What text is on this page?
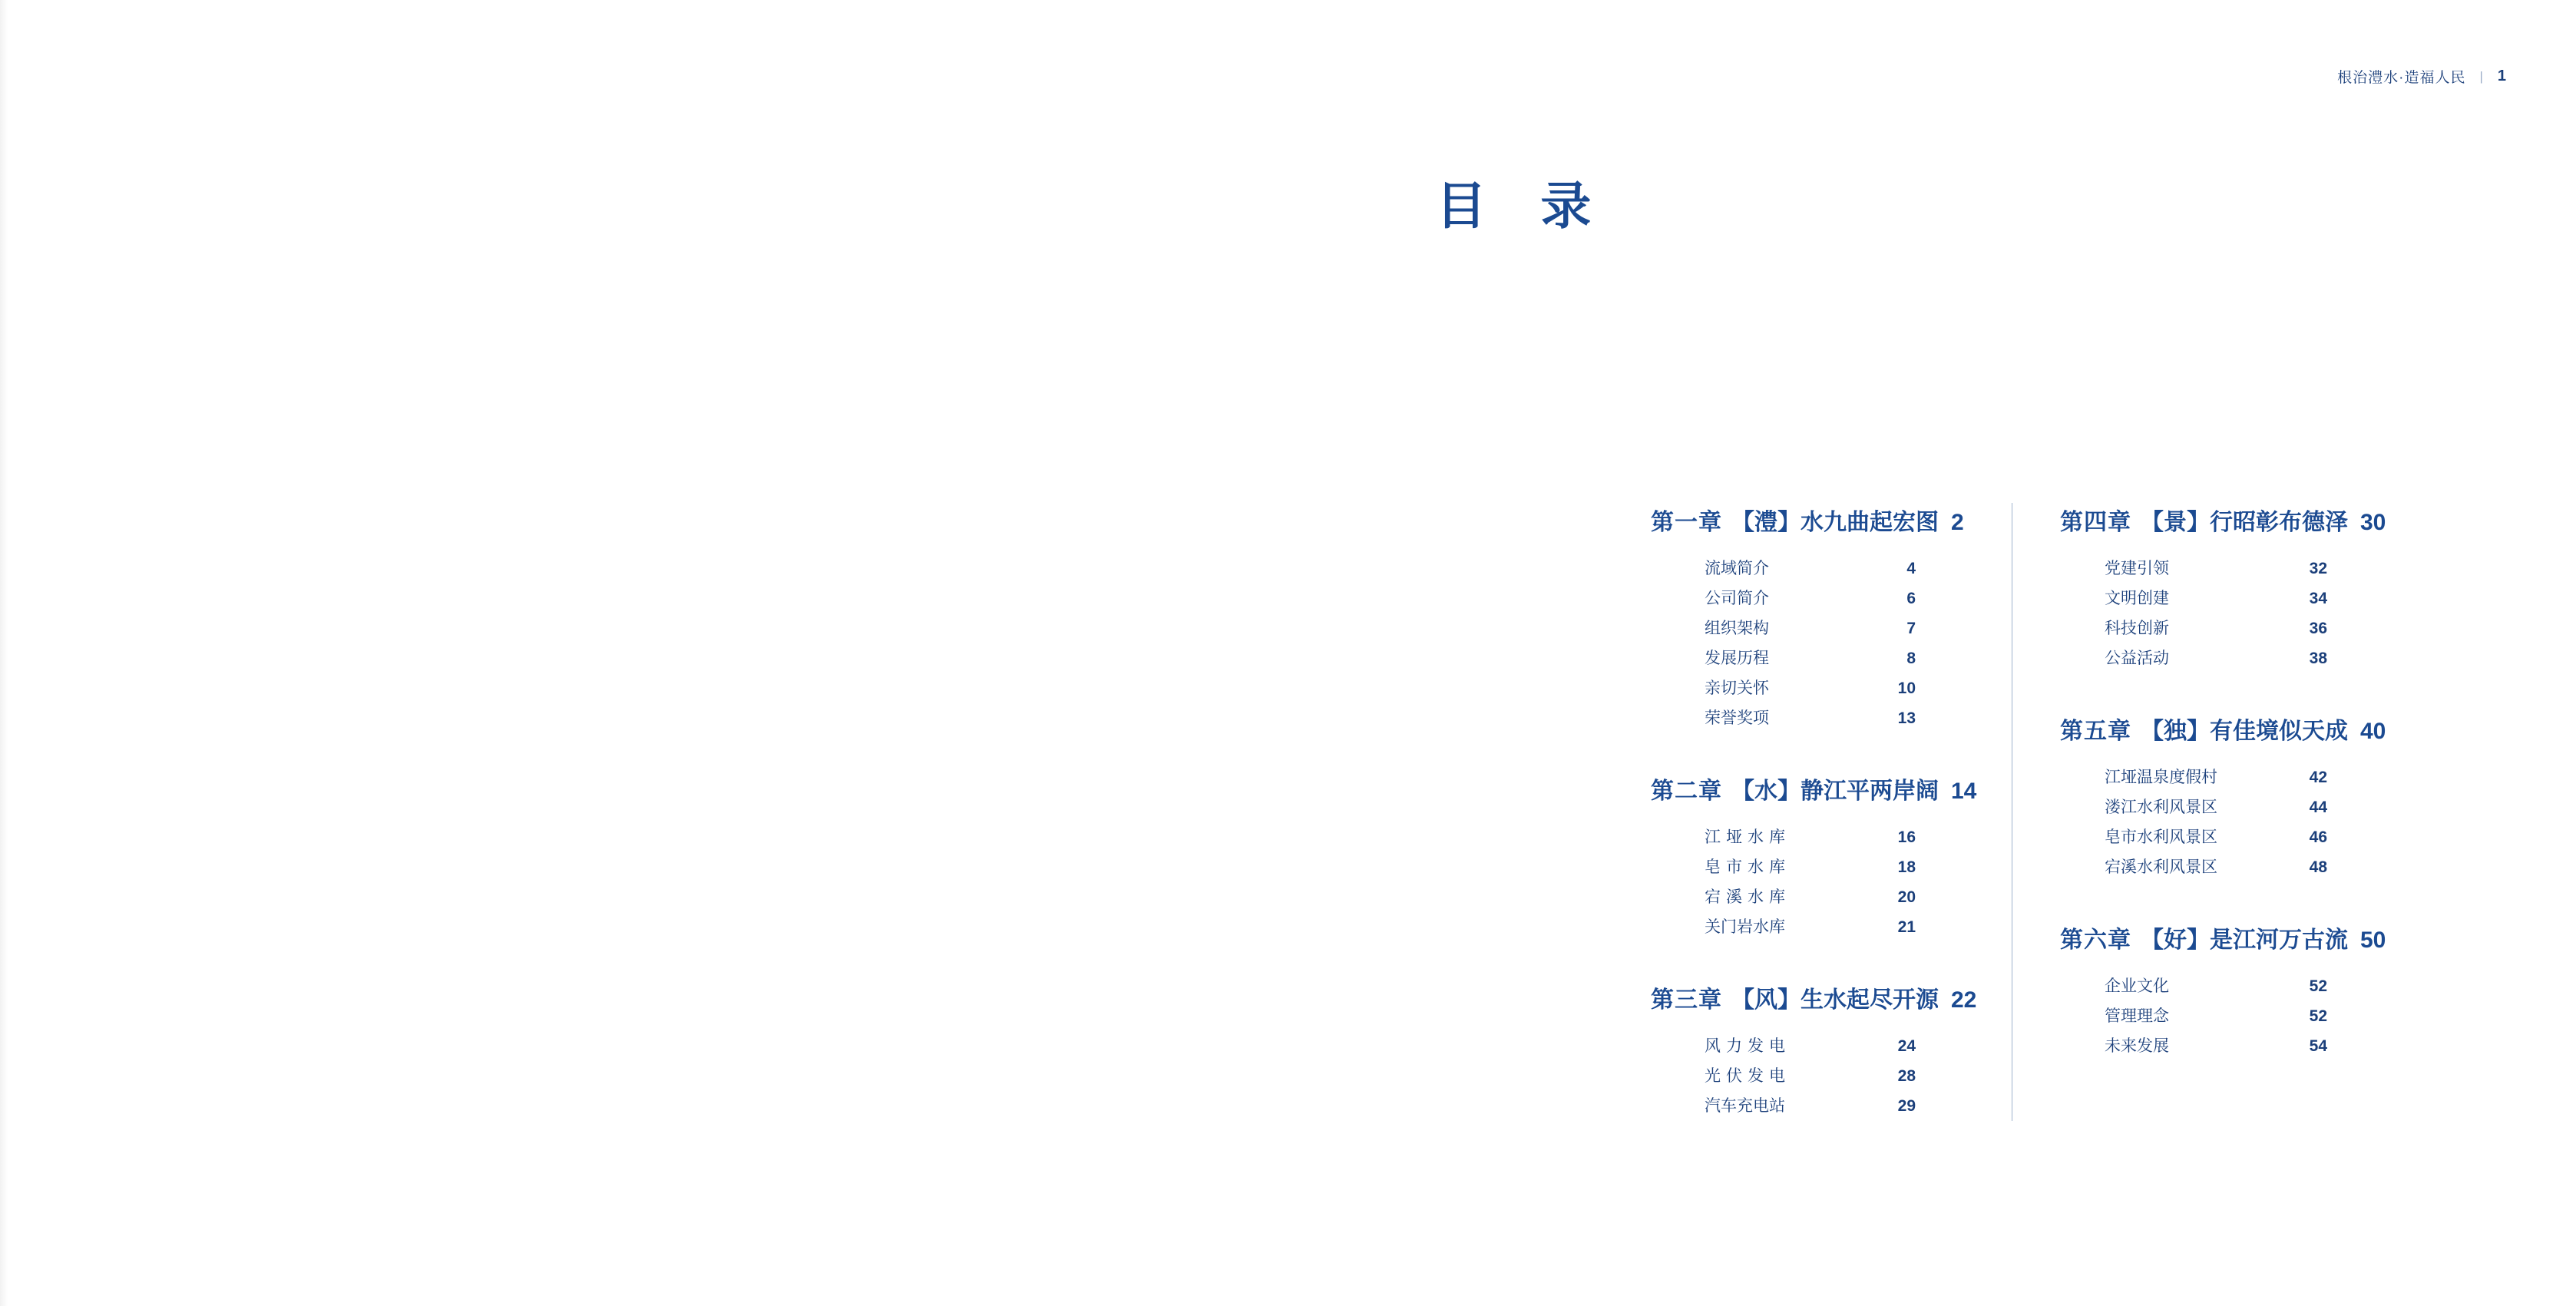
根治澧水·造福人民 | 1
目 录
第一章 【澧】水九曲起宏图 2
流域简介	4
公司简介	6
组织架构	7
发展历程	8
亲切关怀	10
荣誉奖项	13
第二章 【水】静江平两岸阔 14
江垭水库	16
皂市水库	18
宕溪水库	20
关门岩水库	21
第三章 【风】生水起尽开源 22
风力发电	24
光伏发电	28
汽车充电站	29
第四章 【景】行昭彰布德泽 30
党建引领	32
文明创建	34
科技创新	36
公益活动	38
第五章 【独】有佳境似天成 40
江垭温泉度假村	42
溇江水利风景区	44
皂市水利风景区	46
宕溪水利风景区	48
第六章 【好】是江河万古流 50
企业文化	52
管理理念	52
未来发展	54
